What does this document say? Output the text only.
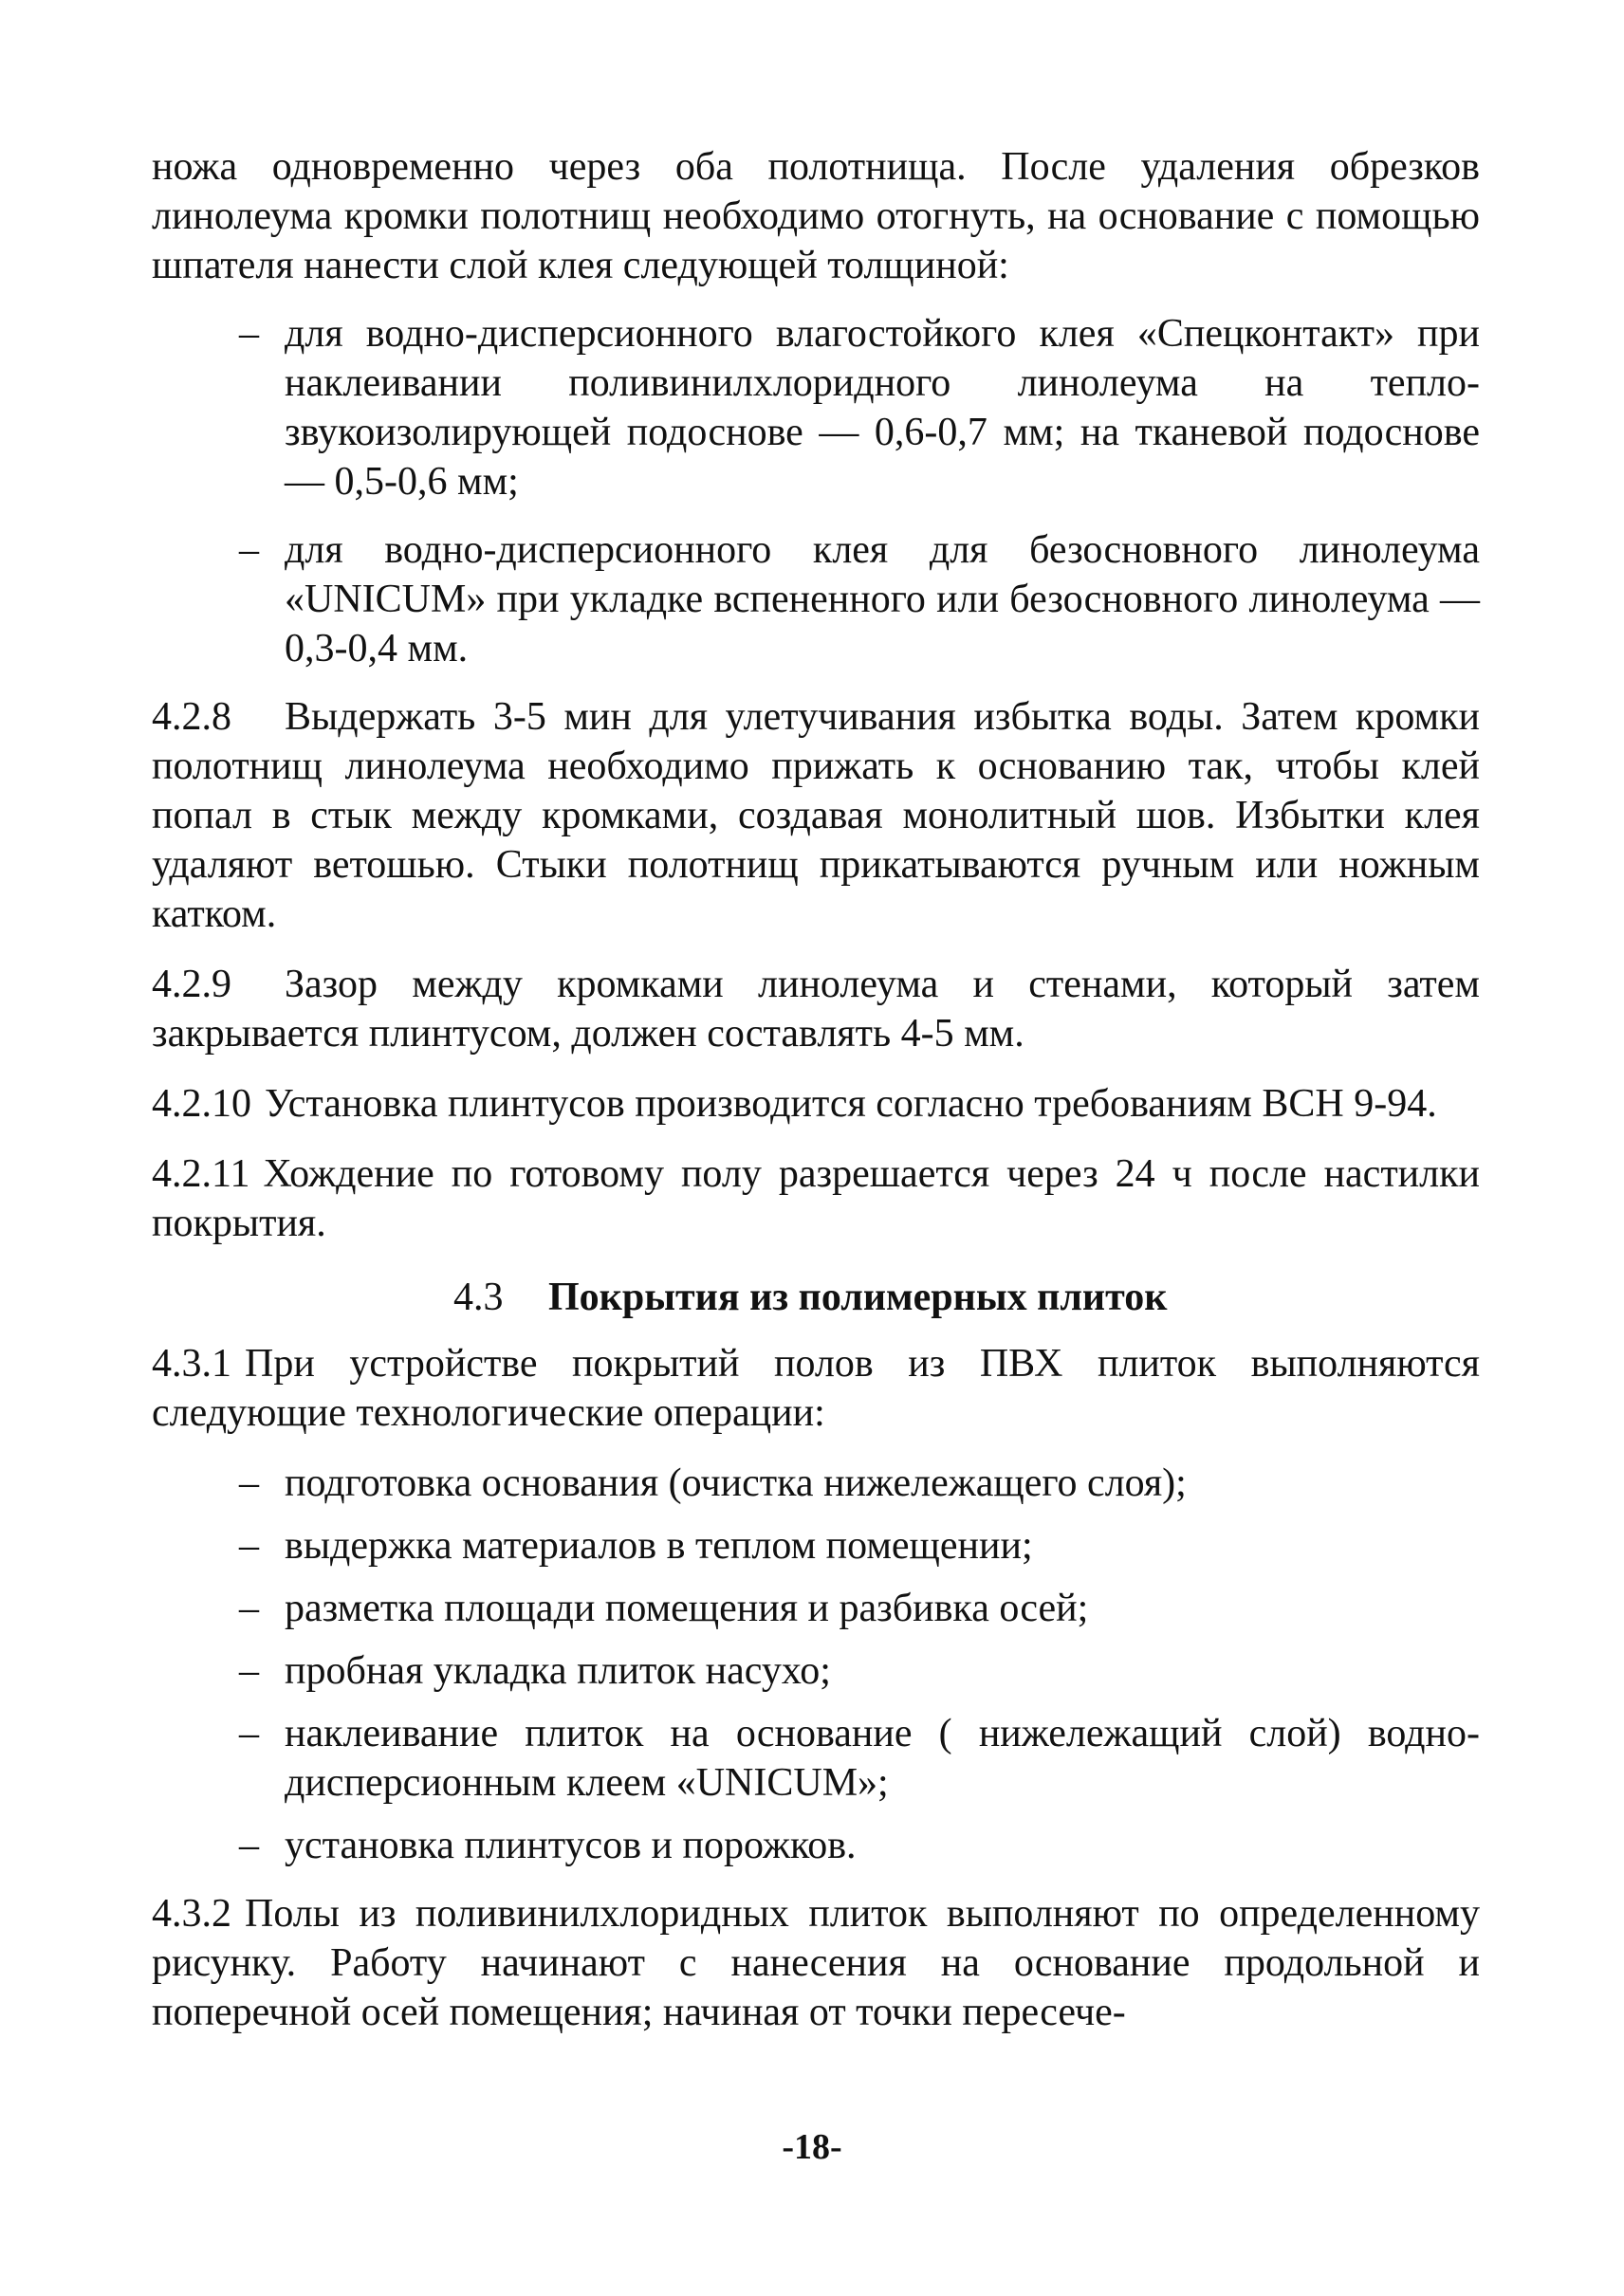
ножа одновременно через оба полотнища. После удаления обрезков линолеума кромки полотнищ необходимо отогнуть, на основание с помощью шпателя нанести слой клея следующей толщиной:

– для водно-дисперсионного влагостойкого клея «Спецконтакт» при наклеивании поливинилхлоридного линолеума на тепло-звукоизолирующей подоснове — 0,6-0,7 мм; на тканевой подоснове — 0,5-0,6 мм;
– для водно-дисперсионного клея для безосновного линолеума «UNICUM» при укладке вспененного или безосновного линолеума — 0,3-0,4 мм.

4.2.8 Выдержать 3-5 мин для улетучивания избытка воды. Затем кромки полотнищ линолеума необходимо прижать к основанию так, чтобы клей попал в стык между кромками, создавая монолитный шов. Избытки клея удаляют ветошью. Стыки полотнищ прикатываются ручным или ножным катком.

4.2.9 Зазор между кромками линолеума и стенами, который затем закрывается плинтусом, должен составлять 4-5 мм.

4.2.10 Установка плинтусов производится согласно требованиям ВСН 9-94.

4.2.11 Хождение по готовому полу разрешается через 24 ч после настилки покрытия.

4.3 Покрытия из полимерных плиток

4.3.1 При устройстве покрытий полов из ПВХ плиток выполняются следующие технологические операции:

– подготовка основания (очистка нижележащего слоя);
– выдержка материалов в теплом помещении;
– разметка площади помещения и разбивка осей;
– пробная укладка плиток насухо;
– наклеивание плиток на основание ( нижележащий слой) водно-дисперсионным клеем «UNICUM»;
– установка плинтусов и порожков.

4.3.2 Полы из поливинилхлоридных плиток выполняют по определенному рисунку. Работу начинают с нанесения на основание продольной и поперечной осей помещения; начиная от точки пересече-

-18-
